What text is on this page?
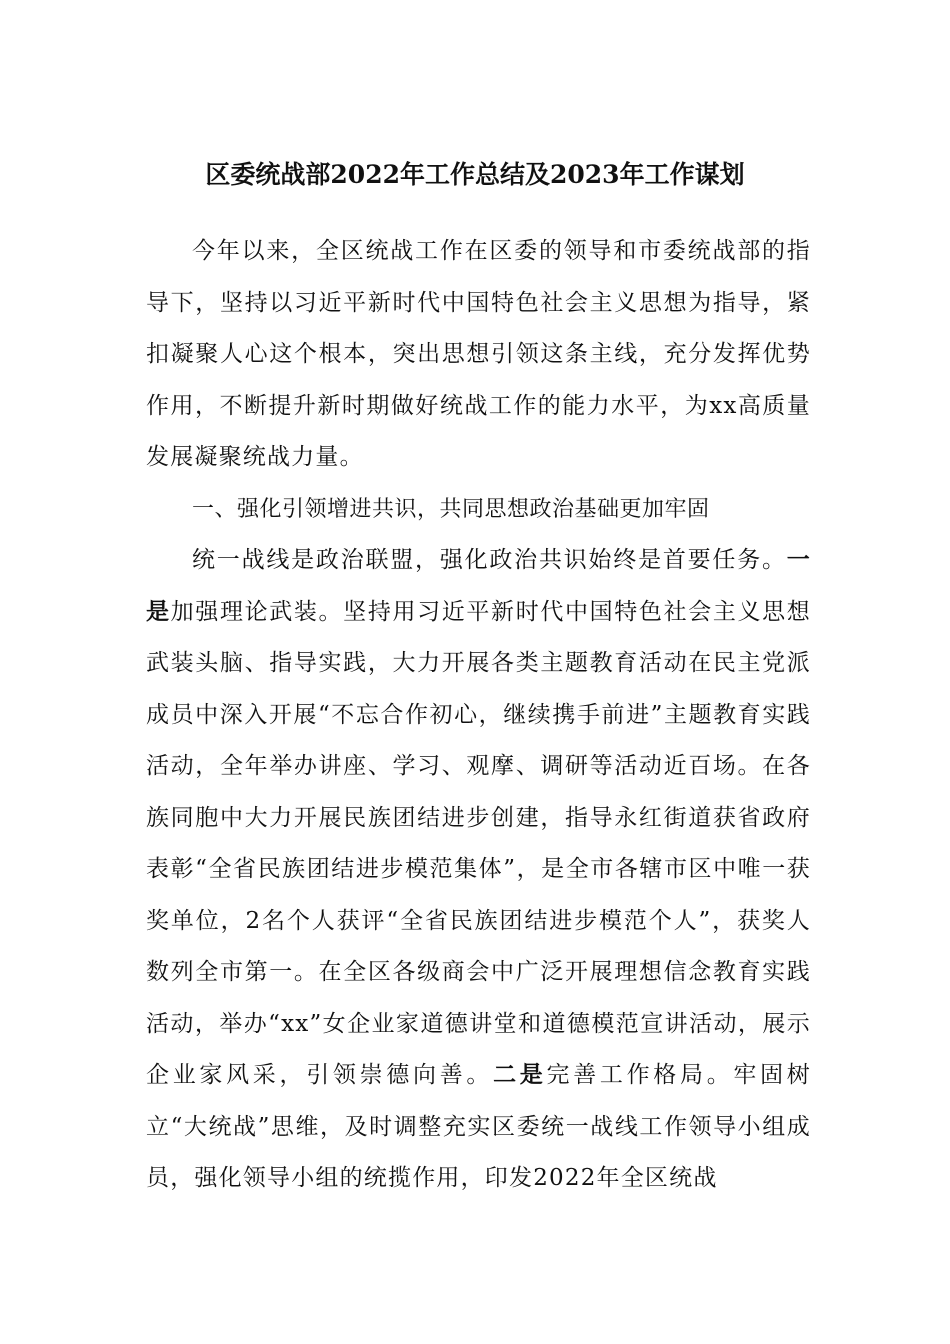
区委统战部2022年工作总结及2023年工作谋划

今年以来，全区统战工作在区委的领导和市委统战部的指导下，坚持以习近平新时代中国特色社会主义思想为指导，紧扣凝聚人心这个根本，突出思想引领这条主线，充分发挥优势作用，不断提升新时期做好统战工作的能力水平，为xx高质量发展凝聚统战力量。

一、强化引领增进共识，共同思想政治基础更加牢固

统一战线是政治联盟，强化政治共识始终是首要任务。一是加强理论武装。坚持用习近平新时代中国特色社会主义思想武装头脑、指导实践，大力开展各类主题教育活动在民主党派成员中深入开展“不忘合作初心，继续携手前进”主题教育实践活动，全年举办讲座、学习、观摩、调研等活动近百场。在各族同胞中大力开展民族团结进步创建，指导永红街道获省政府表彰“全省民族团结进步模范集体”，是全市各辖市区中唯一获奖单位，2名个人获评“全省民族团结进步模范个人”，获奖人数列全市第一。在全区各级商会中广泛开展理想信念教育实践活动，举办“xx”女企业家道德讲堂和道德模范宣讲活动，展示企业家风采，引领崇德向善。二是完善工作格局。牢固树立“大统战”思维，及时调整充实区委统一战线工作领导小组成员，强化领导小组的统揽作用，印发2022年全区统战
